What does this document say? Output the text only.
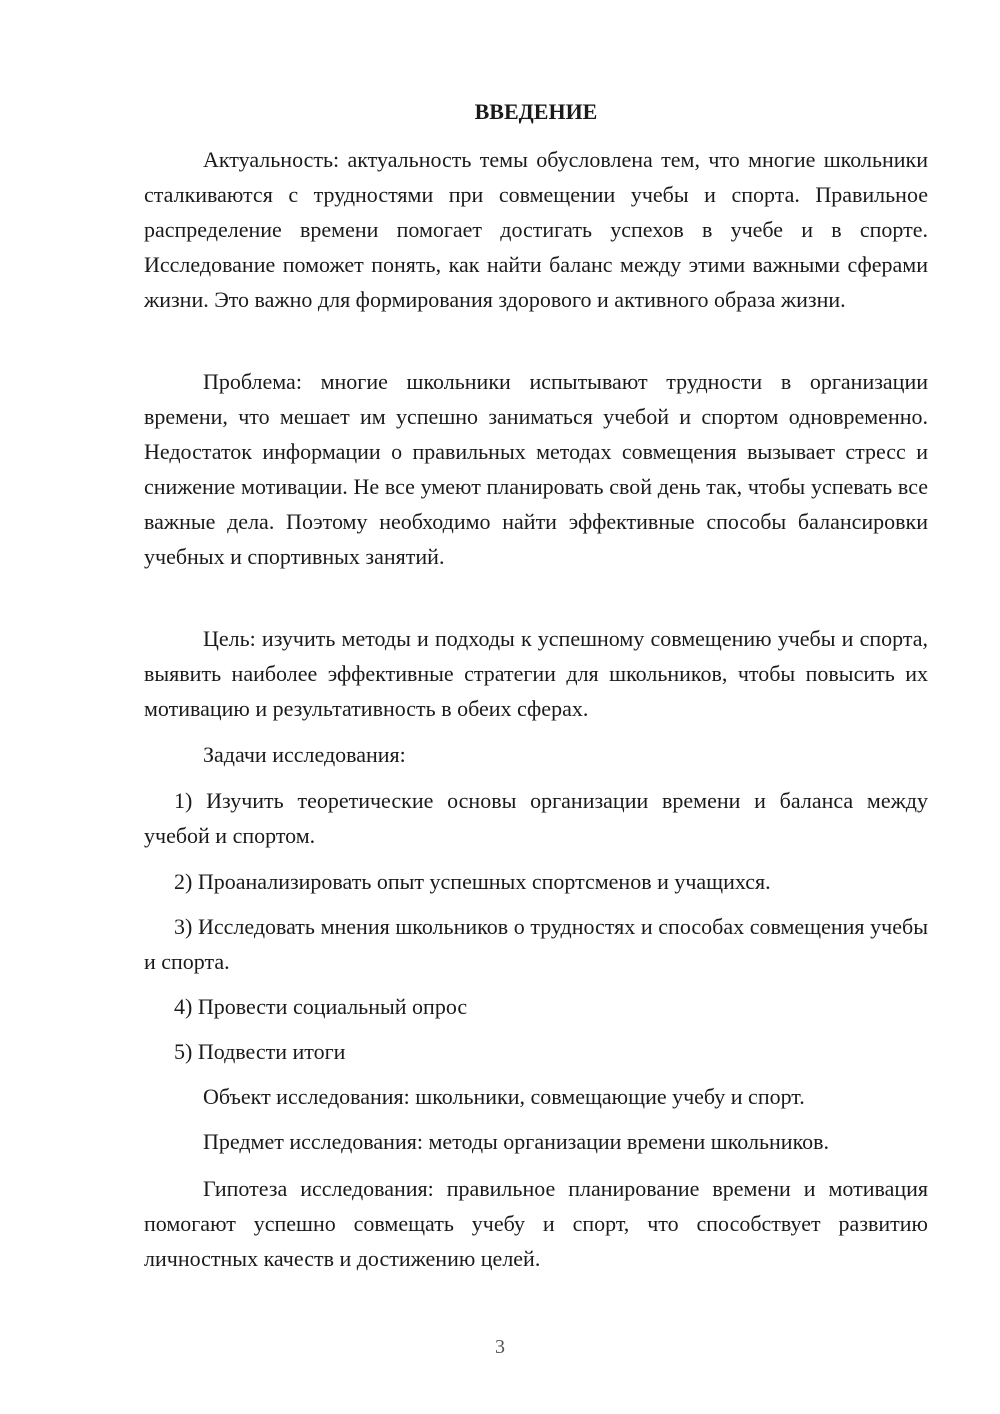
ВВЕДЕНИЕ

Актуальность: актуальность темы обусловлена тем, что многие школьники сталкиваются с трудностями при совмещении учебы и спорта. Правильное распределение времени помогает достигать успехов в учебе и в спорте. Исследование поможет понять, как найти баланс между этими важными сферами жизни. Это важно для формирования здорового и активного образа жизни.

Проблема: многие школьники испытывают трудности в организации времени, что мешает им успешно заниматься учебой и спортом одновременно. Недостаток информации о правильных методах совмещения вызывает стресс и снижение мотивации. Не все умеют планировать свой день так, чтобы успевать все важные дела. Поэтому необходимо найти эффективные способы балансировки учебных и спортивных занятий.

Цель: изучить методы и подходы к успешному совмещению учебы и спорта, выявить наиболее эффективные стратегии для школьников, чтобы повысить их мотивацию и результативность в обеих сферах.

Задачи исследования:

1) Изучить теоретические основы организации времени и баланса между учебой и спортом.

2) Проанализировать опыт успешных спортсменов и учащихся.

3) Исследовать мнения школьников о трудностях и способах совмещения учебы и спорта.

4) Провести социальный опрос

5) Подвести итоги

Объект исследования: школьники, совмещающие учебу и спорт.

Предмет исследования: методы организации времени школьников.

Гипотеза исследования: правильное планирование времени и мотивация помогают успешно совмещать учебу и спорт, что способствует развитию личностных качеств и достижению целей.

3
